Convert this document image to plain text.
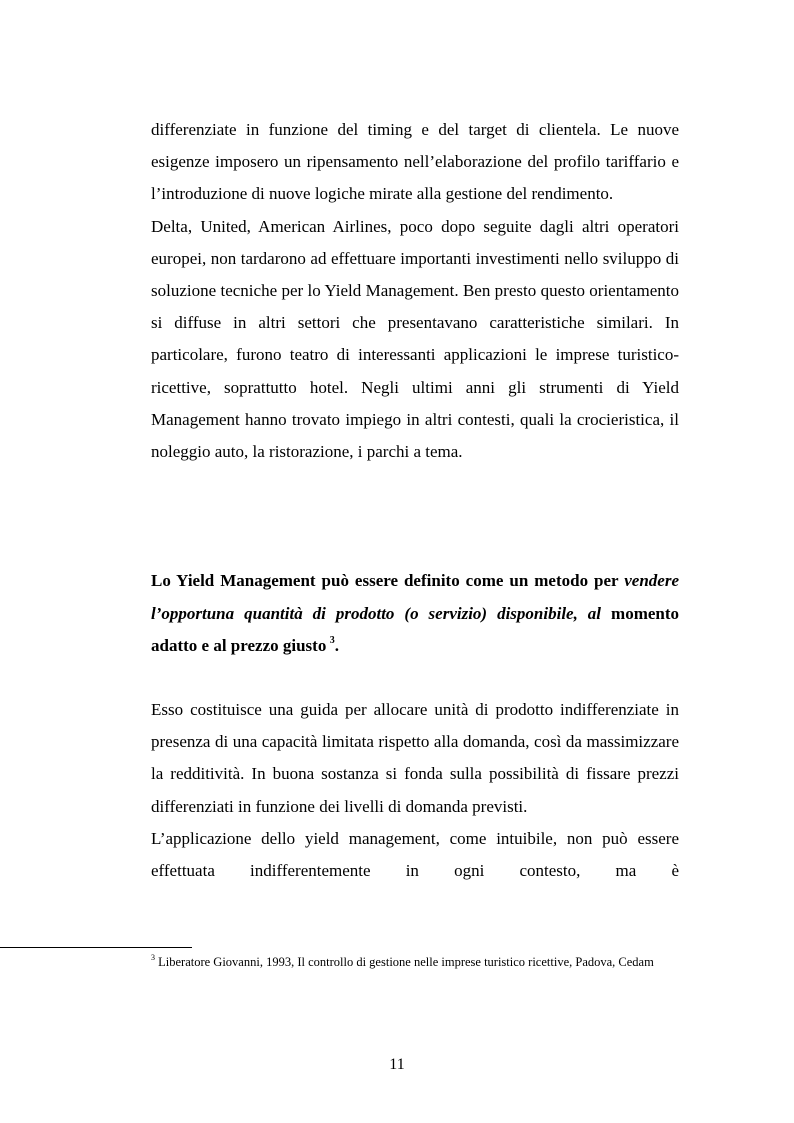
differenziate in funzione del timing e del target di clientela. Le nuove esigenze imposero un ripensamento nell’elaborazione del profilo tariffario e l’introduzione di nuove logiche mirate alla gestione del rendimento.

Delta, United, American Airlines, poco dopo seguite dagli altri operatori europei, non tardarono ad effettuare importanti investimenti nello sviluppo di soluzione tecniche per lo Yield Management. Ben presto questo orientamento si diffuse in altri settori che presentavano caratteristiche similari. In particolare, furono teatro di interessanti applicazioni le imprese turistico-ricettive, soprattutto hotel. Negli ultimi anni gli strumenti di Yield Management hanno trovato impiego in altri contesti, quali la crocieristica, il noleggio auto, la ristorazione, i parchi a tema.

Lo Yield Management può essere definito come un metodo per vendere l’opportuna quantità di prodotto (o servizio) disponibile, al momento adatto e al prezzo giusto  $^3$.

Esso costituisce una guida per allocare unità di prodotto indifferenziate in presenza di una capacità limitata rispetto alla domanda, così da massimizzare la redditività. In buona sostanza si fonda sulla possibilità di fissare prezzi differenziati in funzione dei livelli di domanda previsti.

L’applicazione dello yield management, come intuibile, non può essere effettuata indifferentemente in ogni contesto, ma è

$^3$ Liberatore Giovanni, 1993, Il controllo di gestione nelle imprese turistico ricettive, Padova, Cedam

11
